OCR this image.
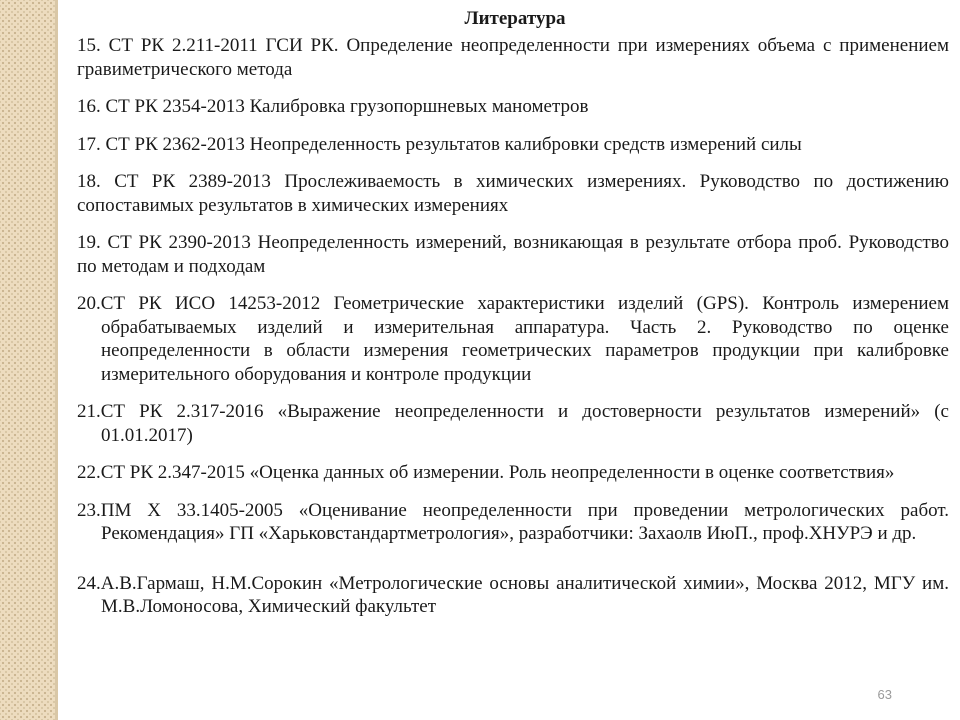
Литература
15. СТ РК 2.211-2011 ГСИ РК. Определение неопределенности при измерениях объема с применением гравиметрического метода
16. СТ РК 2354-2013 Калибровка грузопоршневых манометров
17. СТ РК 2362-2013 Неопределенность результатов калибровки средств измерений силы
18. СТ РК 2389-2013 Прослеживаемость в химических измерениях. Руководство по достижению сопоставимых результатов в химических измерениях
19. СТ РК 2390-2013 Неопределенность измерений, возникающая в результате отбора проб. Руководство по методам и подходам
20.СТ РК ИСО 14253-2012 Геометрические характеристики изделий (GPS). Контроль измерением обрабатываемых изделий и измерительная аппаратура. Часть 2. Руководство по оценке неопределенности в области измерения геометрических параметров продукции при калибровке измерительного оборудования и контроле продукции
21.СТ РК 2.317-2016 «Выражение неопределенности и достоверности результатов измерений» (с 01.01.2017)
22.СТ РК 2.347-2015 «Оценка данных об измерении. Роль неопределенности в оценке соответствия»
23.ПМ Х 33.1405-2005 «Оценивание неопределенности при проведении метрологических работ. Рекомендация» ГП «Харьковстандартметрология», разработчики: Захаолв ИюП., проф.ХНУРЭ и др.
24.А.В.Гармаш, Н.М.Сорокин «Метрологические основы аналитической химии», Москва 2012, МГУ им. М.В.Ломоносова, Химический факультет
63
